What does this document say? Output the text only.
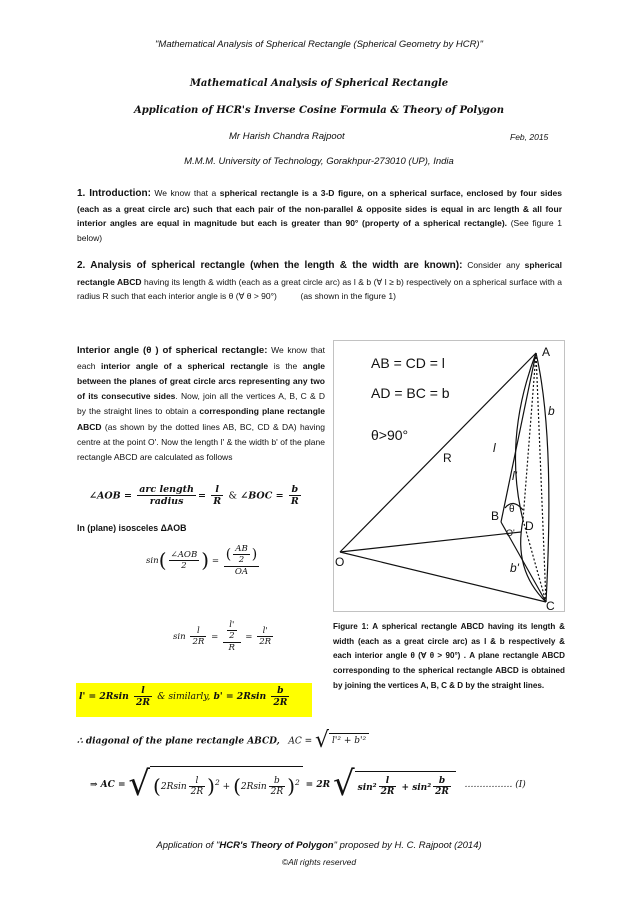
"Mathematical Analysis of Spherical Rectangle (Spherical Geometry by HCR)"
Mathematical Analysis of Spherical Rectangle
Application of HCR's Inverse Cosine Formula & Theory of Polygon
Mr Harish Chandra Rajpoot	Feb, 2015
M.M.M. University of Technology, Gorakhpur-273010 (UP), India
1. Introduction: We know that a spherical rectangle is a 3-D figure, on a spherical surface, enclosed by four sides (each as a great circle arc) such that each pair of the non-parallel & opposite sides is equal in arc length & all four interior angles are equal in magnitude but each is greater than 90° (property of a spherical rectangle). (See figure 1 below)
2. Analysis of spherical rectangle (when the length & the width are known): Consider any spherical rectangle ABCD having its length & width (each as a great circle arc) as l & b (∀ l ≥ b) respectively on a spherical surface with a radius R such that each interior angle is θ (∀ θ > 90°)	(as shown in the figure 1)
Interior angle (θ ) of spherical rectangle: We know that each interior angle of a spherical rectangle is the angle between the planes of great circle arcs representing any two of its consecutive sides. Now, join all the vertices A, B, C & D by the straight lines to obtain a corresponding plane rectangle ABCD (as shown by the dotted lines AB, BC, CD & DA) having centre at the point O'. Now the length l' & the width b' of the plane rectangle ABCD are calculated as follows
∠AOB = $\frac{\text{arc length}}{\text{radius}} = \frac{l}{R}$ & ∠BOC = $\frac{b}{R}$
In (plane) isosceles ΔAOB
$\sin( \frac{\text{∠AOB}}{2}$ ) = $\frac{( \frac{AB}{2} )}{OA}$
$\sin \frac{l}{2R} = \frac{\frac{l'}{2}}{R} = \frac{l'}{2R}$
$l' = 2Rsin \frac{l}{2R}$ & similarly, $b' = 2Rsin \frac{b}{2R}$
∴ diagonal of the plane rectangle ABCD, AC = √ l'² + b'²
⇒ AC = √ $(2Rsin \frac{l}{2R} )^2 + (2Rsin \frac{b}{2R} )^2 = 2R$ √ $\sin^2 \frac{l}{2R} + \sin^2 \frac{b}{2R}$ ……………. (I)
AB = CD = l
AD = BC = b
θ>90°
A
B
C
D
O
O'
R
l'
b'
l
b
θ
Figure 1: A spherical rectangle ABCD having its length & width (each as a great circle arc) as l & b respectively & each interior angle θ (∀ θ > 90°) . A plane rectangle ABCD corresponding to the spherical rectangle ABCD is obtained by joining the vertices A, B, C & D by the straight lines.
Application of "HCR's Theory of Polygon" proposed by H. C. Rajpoot (2014)
©All rights reserved
